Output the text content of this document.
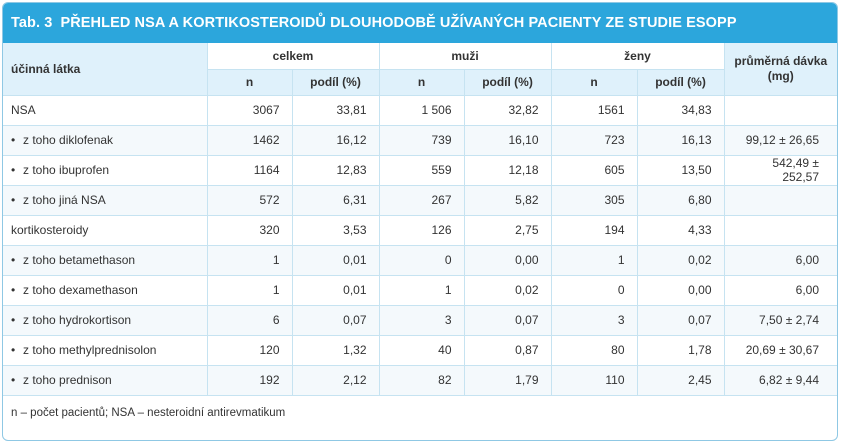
Tab. 3 PŘEHLED NSA A KORTIKOSTEROIDŮ DLOUHODOBĚ UŽÍVANÝCH PACIENTY ZE STUDIE ESOPP
účinná látka	celkem		muži		ženy		průměrná dávka (mg)
	n	podíl (%)	n	podíl (%)	n	podíl (%)	
NSA	3067	33,81	1 506	32,82	1561	34,83	
• z toho diklofenak	1462	16,12	739	16,10	723	16,13	99,12 ± 26,65
• z toho ibuprofen	1164	12,83	559	12,18	605	13,50	542,49 ± 252,57
• z toho jiná NSA	572	6,31	267	5,82	305	6,80	
kortikosteroidy	320	3,53	126	2,75	194	4,33	
• z toho betamethason	1	0,01	0	0,00	1	0,02	6,00
• z toho dexamethason	1	0,01	1	0,02	0	0,00	6,00
• z toho hydrokortison	6	0,07	3	0,07	3	0,07	7,50 ± 2,74
• z toho methylprednisolon	120	1,32	40	0,87	80	1,78	20,69 ± 30,67
• z toho prednison	192	2,12	82	1,79	110	2,45	6,82 ± 9,44
n – počet pacientů; NSA – nesteroidní antirevmatikum
